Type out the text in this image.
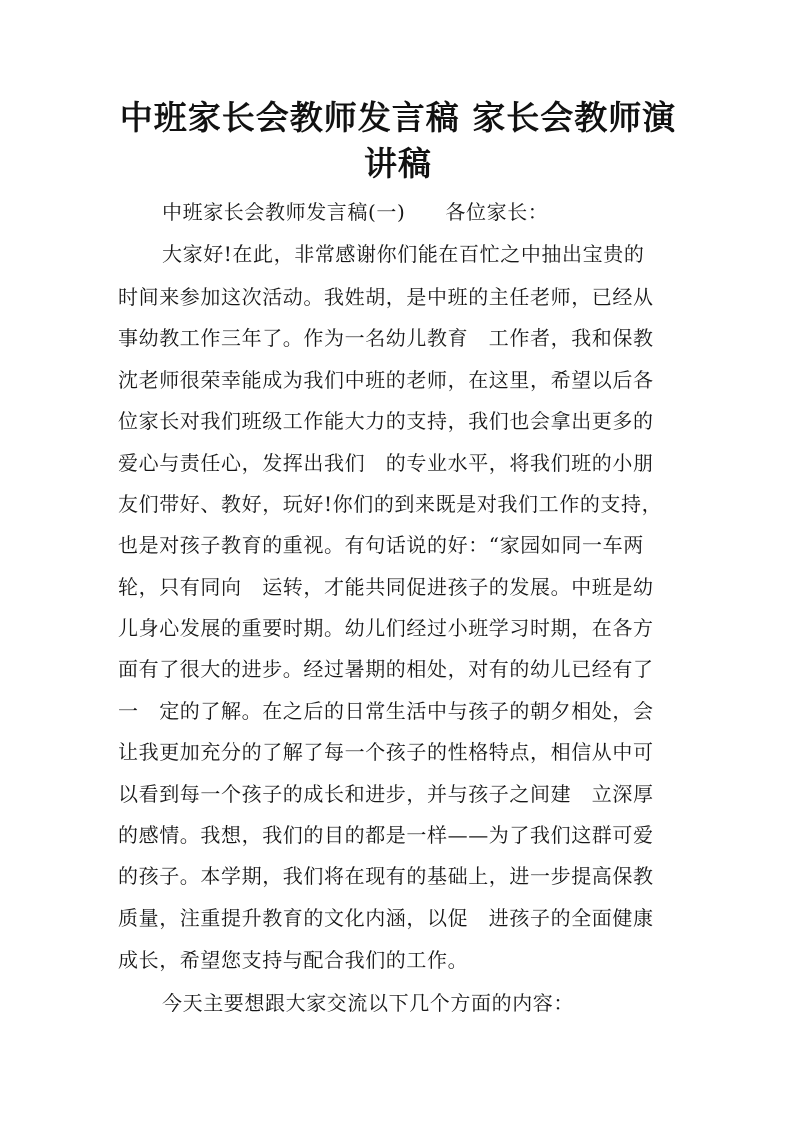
中班家长会教师发言稿 家长会教师演
讲稿

中班家长会教师发言稿(一) 各位家长：

大家好!在此，非常感谢你们能在百忙之中抽出宝贵的

时间来参加这次活动。我姓胡，是中班的主任老师，已经从

事幼教工作三年了。作为一名幼儿教育　工作者，我和保教

沈老师很荣幸能成为我们中班的老师，在这里，希望以后各

位家长对我们班级工作能大力的支持，我们也会拿出更多的

爱心与责任心，发挥出我们　的专业水平，将我们班的小朋

友们带好、教好，玩好!你们的到来既是对我们工作的支持，

也是对孩子教育的重视。有句话说的好：“家园如同一车两

轮，只有同向　运转，才能共同促进孩子的发展。中班是幼

儿身心发展的重要时期。幼儿们经过小班学习时期，在各方

面有了很大的进步。经过暑期的相处，对有的幼儿已经有了

一　定的了解。在之后的日常生活中与孩子的朝夕相处，会

让我更加充分的了解了每一个孩子的性格特点，相信从中可

以看到每一个孩子的成长和进步，并与孩子之间建　立深厚

的感情。我想，我们的目的都是一样——为了我们这群可爱

的孩子。本学期，我们将在现有的基础上，进一步提高保教

质量，注重提升教育的文化内涵，以促　进孩子的全面健康

成长，希望您支持与配合我们的工作。

今天主要想跟大家交流以下几个方面的内容：
